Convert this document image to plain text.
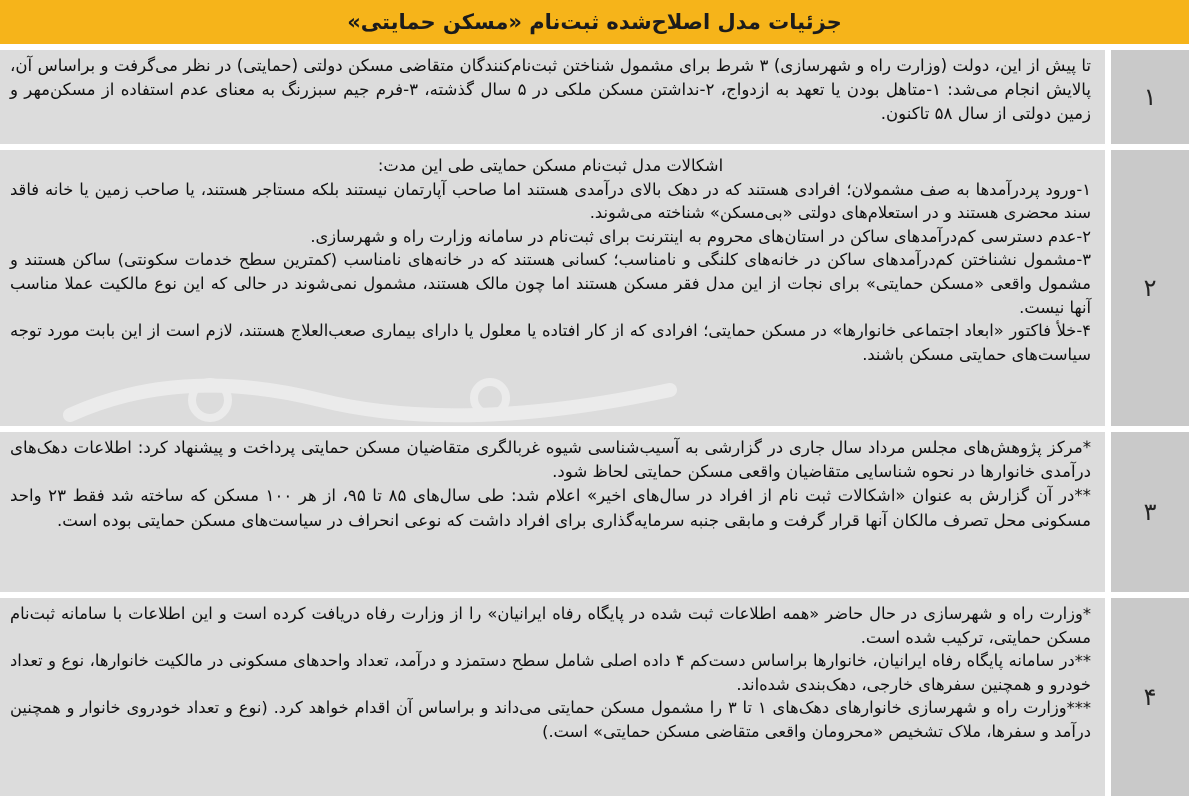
جزئیات مدل اصلاح‌شده ثبت‌نام «مسکن حمایتی»
۱

تا پیش از این، دولت (وزارت راه و شهرسازی) ۳ شرط برای مشمول شناختن ثبت‌نام‌کنندگان متقاضی مسکن دولتی (حمایتی) در نظر می‌گرفت و براساس آن، پالایش انجام می‌شد: ۱-متاهل بودن یا تعهد به ازدواج، ۲-نداشتن مسکن ملکی در ۵ سال گذشته، ۳-فرم جیم سبزرنگ به معنای عدم استفاده از مسکن‌مهر و زمین دولتی از سال ۵۸ تاکنون.

۲

اشکالات مدل ثبت‌نام مسکن حمایتی طی این مدت:

۱-ورود پردرآمدها به صف مشمولان؛ افرادی هستند که در دهک بالای درآمدی هستند اما صاحب آپارتمان نیستند بلکه مستاجر هستند، یا صاحب زمین یا خانه فاقد سند محضری هستند و در استعلام‌های دولتی «بی‌مسکن» شناخته می‌شوند.

۲-عدم دسترسی کم‌درآمدهای ساکن در استان‌های محروم به اینترنت برای ثبت‌نام در سامانه وزارت راه و شهرسازی.

۳-مشمول نشناختن کم‌درآمدهای ساکن در خانه‌های کلنگی و نامناسب؛ کسانی هستند که در خانه‌های نامناسب (کمترین سطح خدمات سکونتی) ساکن هستند و مشمول واقعی «مسکن حمایتی» برای نجات از این مدل فقر مسکن هستند اما چون مالک هستند، مشمول نمی‌شوند در حالی که این نوع مالکیت عملا مناسب آنها نیست.

۴-خلأ فاکتور «ابعاد اجتماعی خانوارها» در مسکن حمایتی؛ افرادی که از کار افتاده یا معلول یا دارای بیماری صعب‌العلاج هستند، لازم است از این بابت مورد توجه سیاست‌های حمایتی مسکن باشند.

۳

*مرکز پژوهش‌های مجلس مرداد سال جاری در گزارشی به آسیب‌شناسی شیوه غربالگری متقاضیان مسکن حمایتی پرداخت و پیشنهاد کرد: اطلاعات دهک‌های درآمدی خانوارها در نحوه شناسایی متقاضیان واقعی مسکن حمایتی لحاظ شود.

**در آن گزارش به عنوان «اشکالات ثبت نام از افراد در سال‌های اخیر» اعلام شد: طی سال‌های ۸۵ تا ۹۵، از هر ۱۰۰ مسکن که ساخته شد فقط ۲۳ واحد مسکونی محل تصرف مالکان آنها قرار گرفت و مابقی جنبه سرمایه‌گذاری برای افراد داشت که نوعی انحراف در سیاست‌های مسکن حمایتی بوده است.

۴

*وزارت راه و شهرسازی در حال حاضر «همه اطلاعات ثبت شده در پایگاه رفاه ایرانیان» را از وزارت رفاه دریافت کرده است و این اطلاعات با سامانه ثبت‌نام مسکن حمایتی، ترکیب شده است.

**در سامانه پایگاه رفاه ایرانیان، خانوارها براساس دست‌کم ۴ داده اصلی شامل سطح دستمزد و درآمد، تعداد واحدهای مسکونی در مالکیت خانوارها، نوع و تعداد خودرو و همچنین سفرهای خارجی، دهک‌بندی شده‌اند.

***وزارت راه و شهرسازی خانوارهای دهک‌های ۱ تا ۳ را مشمول مسکن حمایتی می‌داند و براساس آن اقدام خواهد کرد. (نوع و تعداد خودروی خانوار و همچنین درآمد و سفرها، ملاک تشخیص «محرومان واقعی متقاضی مسکن حمایتی» است.)
